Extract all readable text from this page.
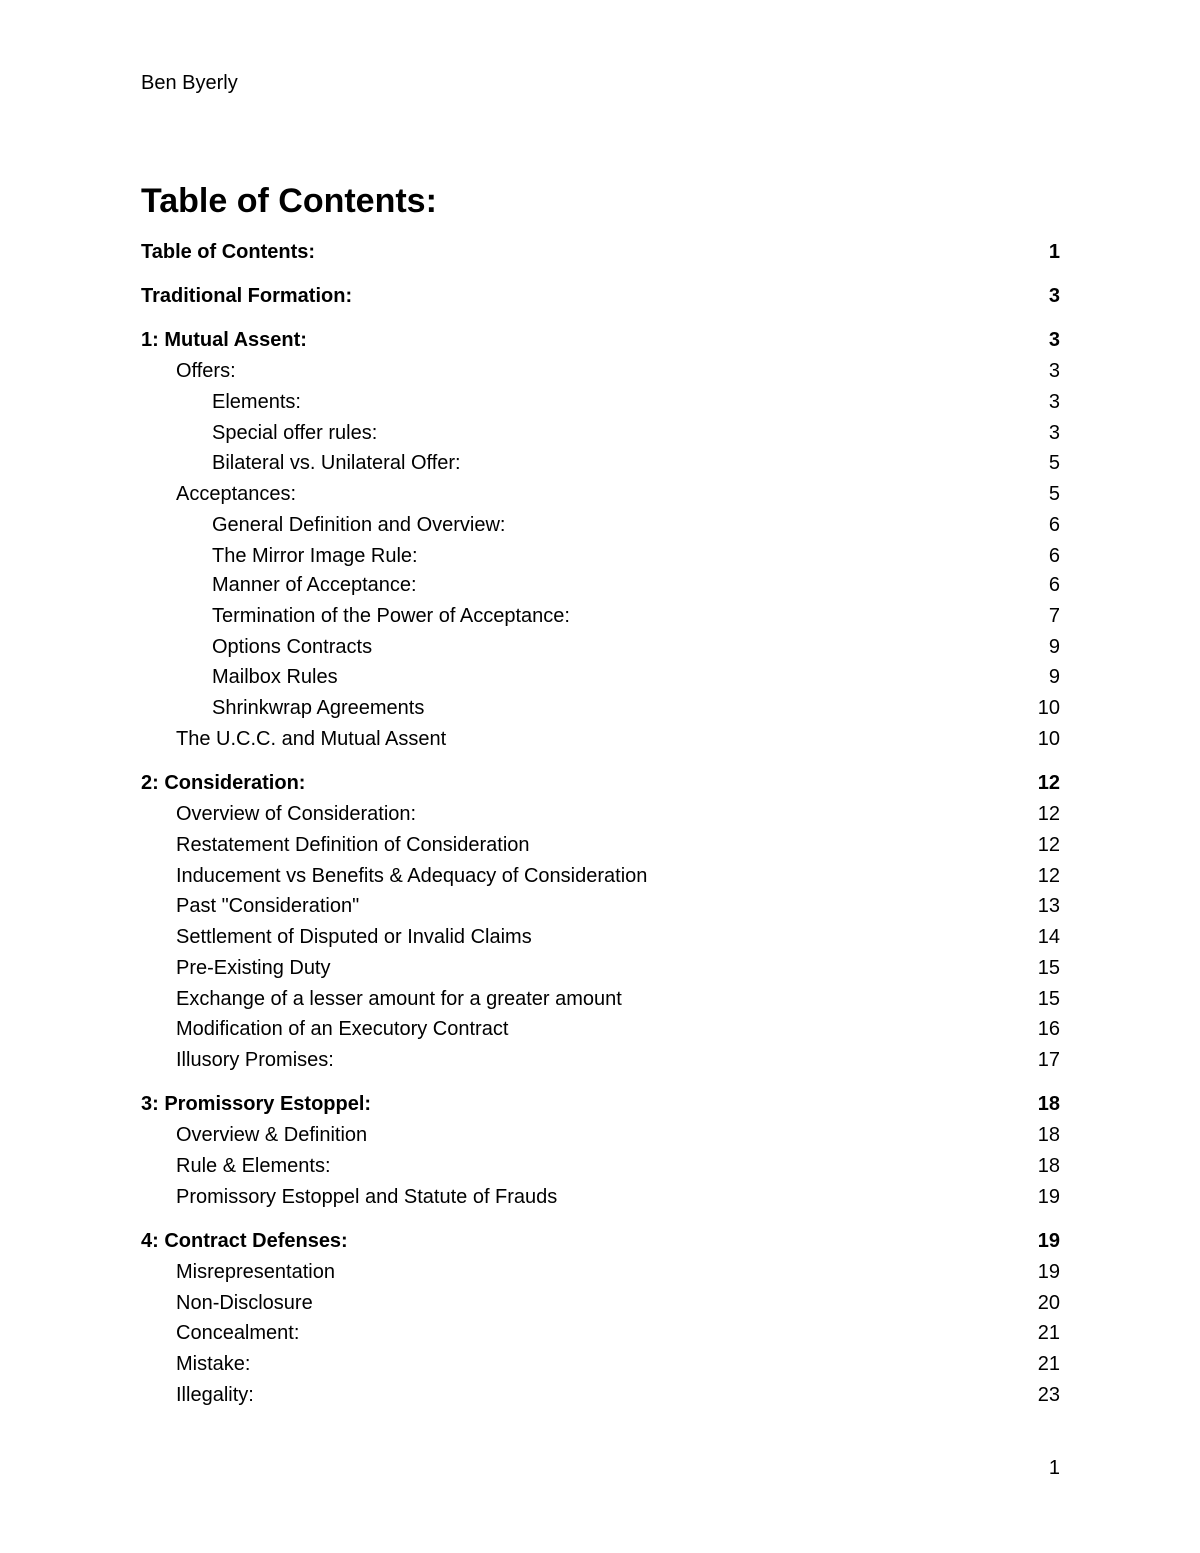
Ben Byerly
Table of Contents:
Table of Contents:	1
Traditional Formation:	3
1: Mutual Assent:	3
Offers:	3
Elements:	3
Special offer rules:	3
Bilateral vs. Unilateral Offer:	5
Acceptances:	5
General Definition and Overview:	6
The Mirror Image Rule:	6
Manner of Acceptance:	6
Termination of the Power of Acceptance:	7
Options Contracts	9
Mailbox Rules	9
Shrinkwrap Agreements	10
The U.C.C. and Mutual Assent	10
2: Consideration:	12
Overview of Consideration:	12
Restatement Definition of Consideration	12
Inducement vs Benefits & Adequacy of Consideration	12
Past "Consideration"	13
Settlement of Disputed or Invalid Claims	14
Pre-Existing Duty	15
Exchange of a lesser amount for a greater amount	15
Modification of an Executory Contract	16
Illusory Promises:	17
3: Promissory Estoppel:	18
Overview & Definition	18
Rule & Elements:	18
Promissory Estoppel and Statute of Frauds	19
4: Contract Defenses:	19
Misrepresentation	19
Non-Disclosure	20
Concealment:	21
Mistake:	21
Illegality:	23
1
